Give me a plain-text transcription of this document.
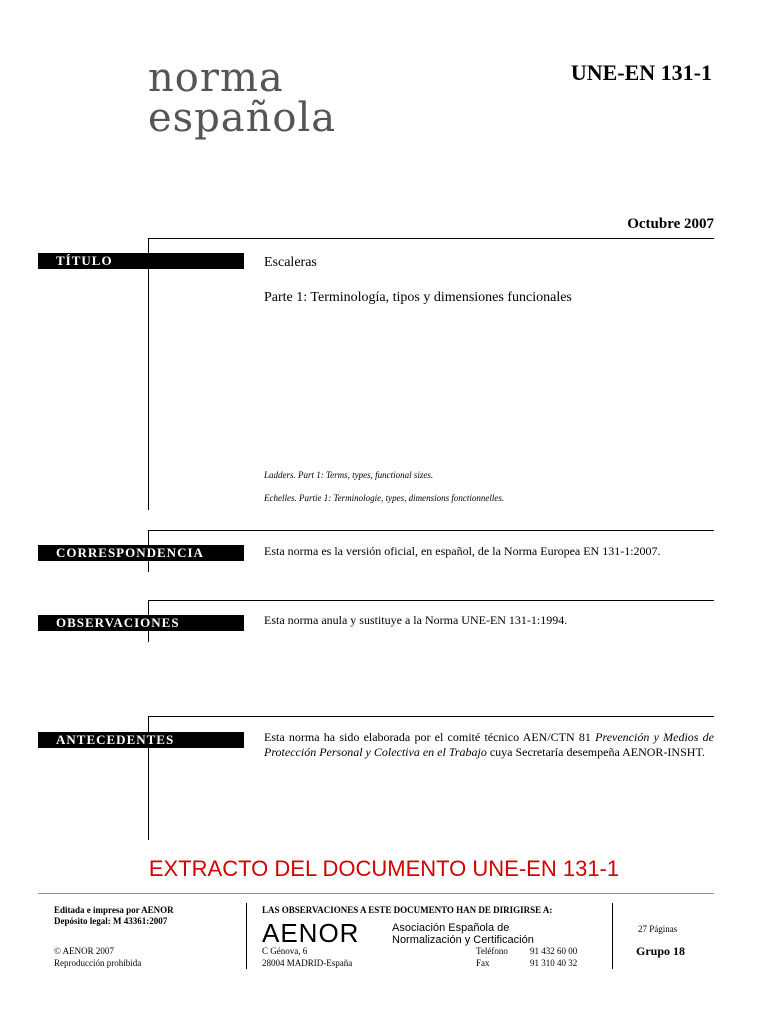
norma
española
UNE-EN 131-1
Octubre 2007
TÍTULO	Escaleras
Parte 1: Terminología, tipos y dimensiones funcionales
Ladders. Part 1: Terms, types, functional sizes.
Echelles. Partie 1: Terminologie, types, dimensions fonctionnelles.
CORRESPONDENCIA	Esta norma es la versión oficial, en español, de la Norma Europea EN 131-1:2007.
OBSERVACIONES	Esta norma anula y sustituye a la Norma UNE-EN 131-1:1994.
ANTECEDENTES	Esta norma ha sido elaborada por el comité técnico AEN/CTN 81 Prevención y Medios de Protección Personal y Colectiva en el Trabajo cuya Secretaría desempeña AENOR-INSHT.
EXTRACTO DEL DOCUMENTO UNE-EN 131-1
Editada e impresa por AENOR
Depósito legal: M 43361:2007
© AENOR 2007
Reproducción prohibida
LAS OBSERVACIONES A ESTE DOCUMENTO HAN DE DIRIGIRSE A:
AENOR	Asociación Española de
Normalización y Certificación
C Génova, 6
28004 MADRID-España
Teléfono 91 432 60 00
Fax	91 310 40 32
27 Páginas
Grupo 18
